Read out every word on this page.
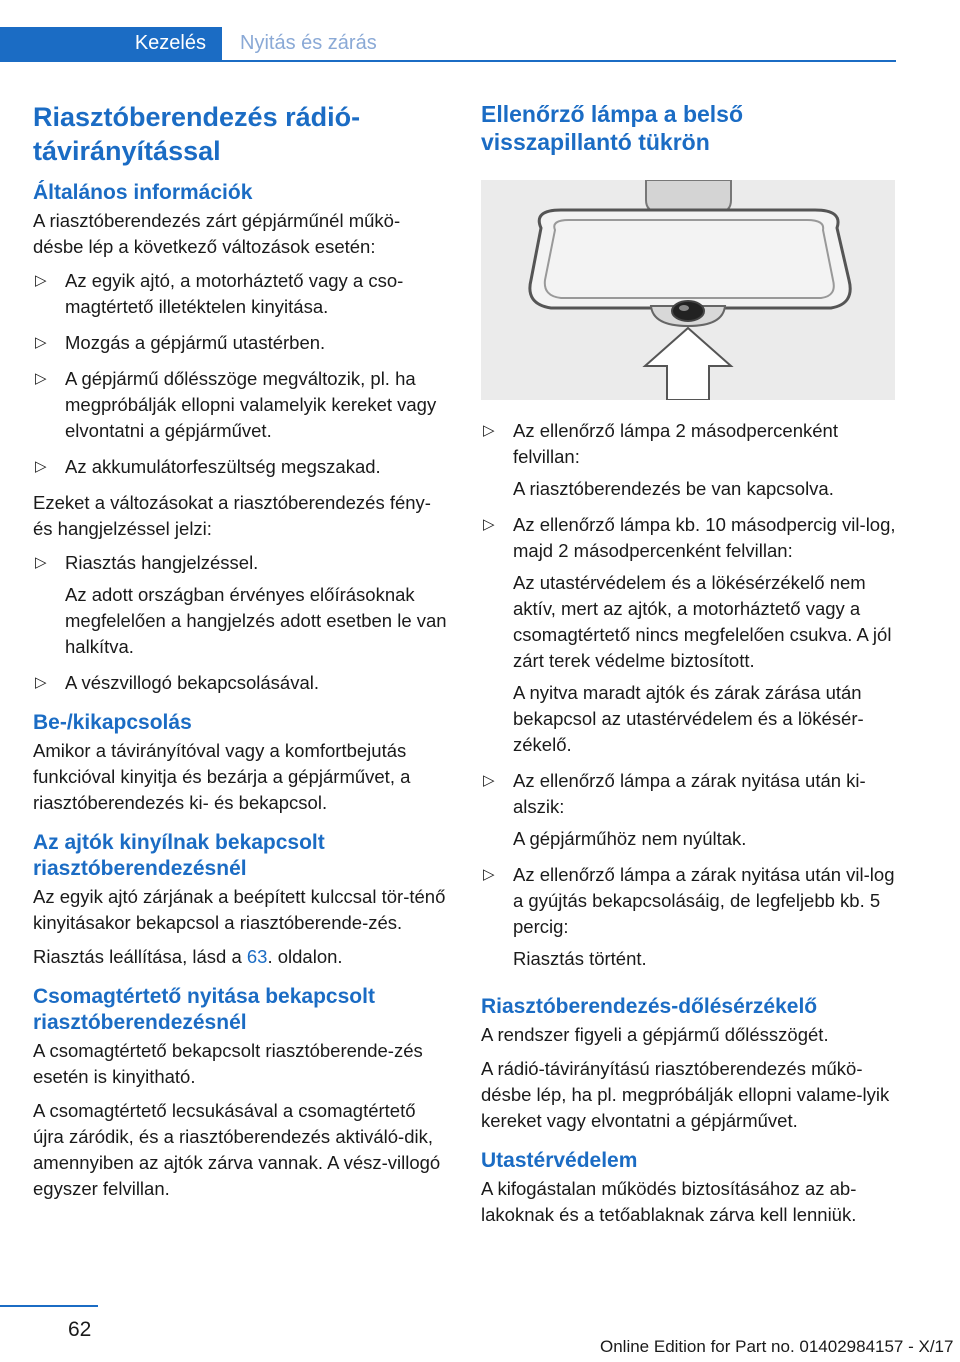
Kezelés	Nyitás és zárás
Riasztóberendezés rádió-távirányítással
Általános információk

A riasztóberendezés zárt gépjárműnél műkö-désbe lép a következő változások esetén:

▷ Az egyik ajtó, a motorháztető vagy a cso-magtértető illetéktelen kinyitása.

▷ Mozgás a gépjármű utastérben.

▷ A gépjármű dőlésszöge megváltozik, pl. ha megpróbálják ellopni valamelyik kereket vagy elvontatni a gépjárművet.

▷ Az akkumulátorfeszültség megszakad.

Ezeket a változásokat a riasztóberendezés fény- és hangjelzéssel jelzi:

▷ Riasztás hangjelzéssel.

Az adott országban érvényes előírásoknak megfelelően a hangjelzés adott esetben le van halkítva.

▷ A vészvillogó bekapcsolásával.

Be-/kikapcsolás

Amikor a távirányítóval vagy a komfortbejutás funkcióval kinyitja és bezárja a gépjárművet, a riasztóberendezés ki- és bekapcsol.

Az ajtók kinyílnak bekapcsolt riasztóberendezésnél

Az egyik ajtó zárjának a beépített kulccsal tör-ténő kinyitásakor bekapcsol a riasztóberende-zés.

Riasztás leállítása, lásd a 63. oldalon.

Csomagtértető nyitása bekapcsolt riasztóberendezésnél

A csomagtértető bekapcsolt riasztóberende-zés esetén is kinyitható.

A csomagtértető lecsukásával a csomagtértető újra záródik, és a riasztóberendezés aktiváló-dik, amennyiben az ajtók zárva vannak. A vész-villogó egyszer felvillan.

Ellenőrző lámpa a belső visszapillantó tükrön
▷ Az ellenőrző lámpa 2 másodpercenként felvillan:

A riasztóberendezés be van kapcsolva.

▷ Az ellenőrző lámpa kb. 10 másodpercig vil-log, majd 2 másodpercenként felvillan:

Az utastérvédelem és a lökésérzékelő nem aktív, mert az ajtók, a motorháztető vagy a csomagtértető nincs megfelelően csukva. A jól zárt terek védelme biztosított.

A nyitva maradt ajtók és zárak zárása után bekapcsol az utastérvédelem és a lökésér-zékelő.

▷ Az ellenőrző lámpa a zárak nyitása után ki-alszik:

A gépjárműhöz nem nyúltak.

▷ Az ellenőrző lámpa a zárak nyitása után vil-log a gyújtás bekapcsolásáig, de legfeljebb kb. 5 percig:

Riasztás történt.

Riasztóberendezés-dőlésérzékelő

A rendszer figyeli a gépjármű dőlésszögét.

A rádió-távirányítású riasztóberendezés műkö-désbe lép, ha pl. megpróbálják ellopni valame-lyik kereket vagy elvontatni a gépjárművet.

Utastérvédelem

A kifogástalan működés biztosításához az ab-lakoknak és a tetőablaknak zárva kell lenniük.

62
Online Edition for Part no. 01402984157 - X/17
